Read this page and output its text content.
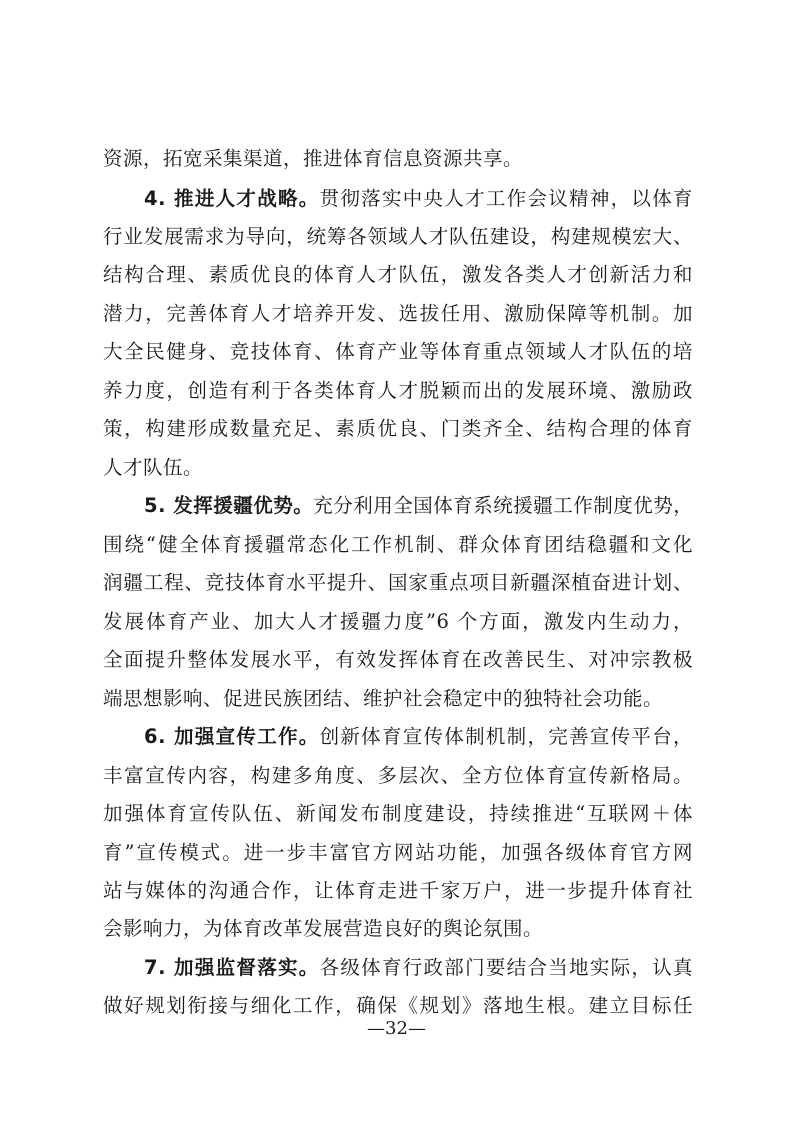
资源，拓宽采集渠道，推进体育信息资源共享。
4. 推进人才战略。贯彻落实中央人才工作会议精神，以体育
行业发展需求为导向，统筹各领域人才队伍建设，构建规模宏大、
结构合理、素质优良的体育人才队伍，激发各类人才创新活力和
潜力，完善体育人才培养开发、选拔任用、激励保障等机制。加
大全民健身、竞技体育、体育产业等体育重点领域人才队伍的培
养力度，创造有利于各类体育人才脱颖而出的发展环境、激励政
策，构建形成数量充足、素质优良、门类齐全、结构合理的体育
人才队伍。
5. 发挥援疆优势。充分利用全国体育系统援疆工作制度优势，
围绕“健全体育援疆常态化工作机制、群众体育团结稳疆和文化
润疆工程、竞技体育水平提升、国家重点项目新疆深植奋进计划、
发展体育产业、加大人才援疆力度”6 个方面，激发内生动力，
全面提升整体发展水平，有效发挥体育在改善民生、对冲宗教极
端思想影响、促进民族团结、维护社会稳定中的独特社会功能。
6. 加强宣传工作。创新体育宣传体制机制，完善宣传平台，
丰富宣传内容，构建多角度、多层次、全方位体育宣传新格局。
加强体育宣传队伍、新闻发布制度建设，持续推进“互联网＋体
育”宣传模式。进一步丰富官方网站功能，加强各级体育官方网
站与媒体的沟通合作，让体育走进千家万户，进一步提升体育社
会影响力，为体育改革发展营造良好的舆论氛围。
7. 加强监督落实。各级体育行政部门要结合当地实际，认真
做好规划衔接与细化工作，确保《规划》落地生根。建立目标任
—32—
